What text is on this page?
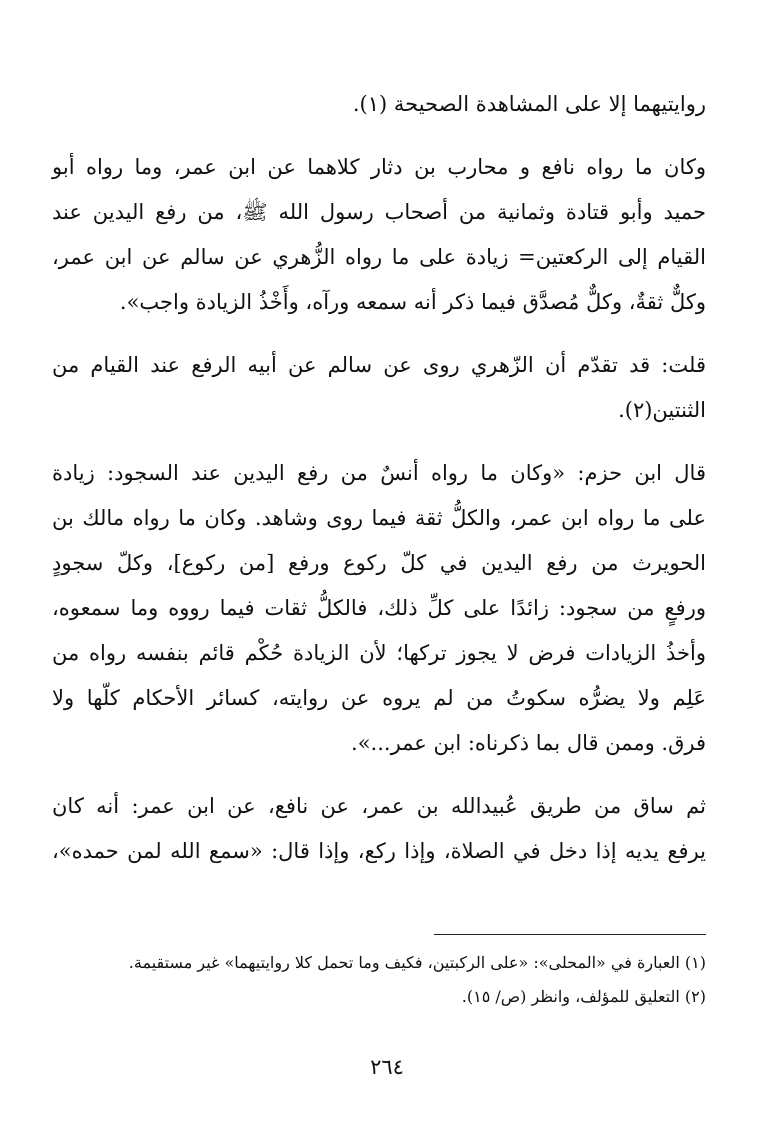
روايتيهما إلا على المشاهدة الصحيحة (١).
وكان ما رواه نافع و محارب بن دثار كلاهما عن ابن عمر، وما رواه أبو
حميد وأبو قتادة وثمانية من أصحاب رسول الله ﷺ، من رفع اليدين عند
القيام إلى الركعتين= زيادة على ما رواه الزُّهري عن سالم عن ابن عمر،
وكلٌّ ثقةٌ، وكلٌّ مُصدَّق فيما ذكر أنه سمعه ورآه، وأَخْذُ الزيادة واجب».
قلت: قد تقدّم أن الزّهري روى عن سالم عن أبيه الرفع عند القيام من
الثنتين(٢).
قال ابن حزم: «وكان ما رواه أنسٌ من رفع اليدين عند السجود: زيادة
على ما رواه ابن عمر، والكلُّ ثقة فيما روى وشاهد. وكان ما رواه مالك بن
الحويرث من رفع اليدين في كلّ ركوع ورفع [من ركوع]، وكلّ سجودٍ
ورفعٍ من سجود: زائدًا على كلِّ ذلك، فالكلُّ ثقات فيما رووه وما سمعوه،
وأخذُ الزيادات فرض لا يجوز تركها؛ لأن الزيادة حُكْم قائم بنفسه رواه من
عَلِم ولا يضرُّه سكوتُ من لم يروه عن روايته، كسائر الأحكام كلّها ولا
فرق. وممن قال بما ذكرناه: ابن عمر...».
ثم ساق من طريق عُبيدالله بن عمر، عن نافع، عن ابن عمر: أنه كان
يرفع يديه إذا دخل في الصلاة، وإذا ركع، وإذا قال: «سمع الله لمن حمده»،
(١) العبارة في «المحلى»: «على الركبتين، فكيف وما تحمل كلا روايتيهما» غير مستقيمة.
(٢) التعليق للمؤلف، وانظر (ص/ ١٥).
٢٦٤
